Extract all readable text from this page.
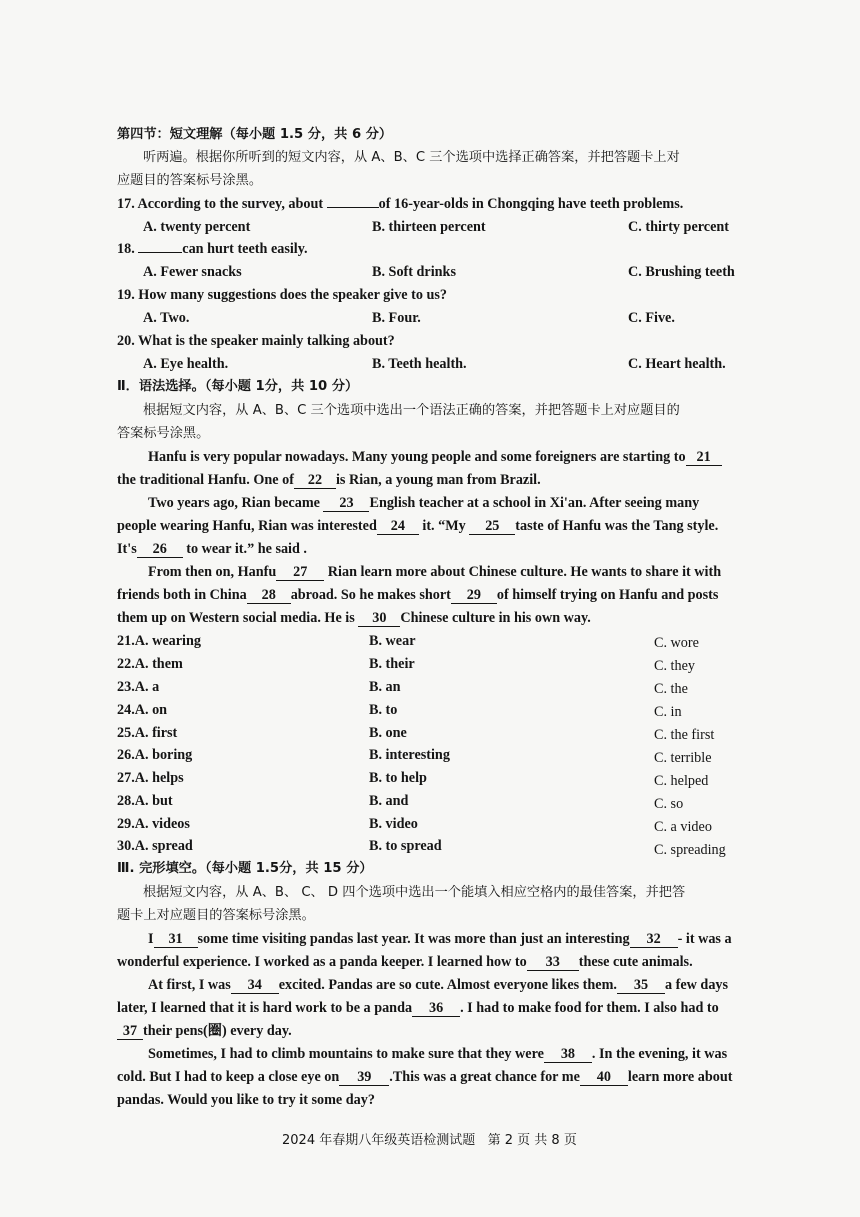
第四节：短文理解（每小题 1.5 分，共 6 分）
听两遍。根据你所听到的短文内容，从 A、B、C 三个选项中选择正确答案，并把答题卡上对
应题目的答案标号涂黑。
17. According to the survey, about	of 16-year-olds in Chongqing have teeth problems.
A. twenty percent	B. thirteen percent	C. thirty percent
18.	can hurt teeth easily.
A. Fewer snacks	B. Soft drinks	C. Brushing teeth
19. How many suggestions does the speaker give to us?
A. Two.	B. Four.	C. Five.
20. What is the speaker mainly talking about?
A. Eye health.	B. Teeth health.	C. Heart health.
Ⅱ．语法选择。（每小题 1分，共 10 分）
根据短文内容，从 A、B、C 三个选项中选出一个语法正确的答案，并把答题卡上对应题目的
答案标号涂黑。
Hanfu is very popular nowadays. Many young people and some foreigners are starting to 21
the traditional Hanfu. One of 22 is Rian, a young man from Brazil.
Two years ago, Rian became 23 English teacher at a school in Xi'an. After seeing many
people wearing Hanfu, Rian was interested 24 it. “My 25 taste of Hanfu was the Tang style.
It's 26 to wear it.” he said .
From then on, Hanfu 27 Rian learn more about Chinese culture. He wants to share it with
friends both in China 28 abroad. So he makes short 29 of himself trying on Hanfu and posts
them up on Western social media. He is 30 Chinese culture in his own way.
21.A. wearing	B. wear	C. wore
22.A. them	B. their	C. they
23.A. a	B. an	C. the
24.A. on	B. to	C. in
25.A. first	B. one	C. the first
26.A. boring	B. interesting	C. terrible
27.A. helps	B. to help	C. helped
28.A. but	B. and	C. so
29.A. videos	B. video	C. a video
30.A. spread	B. to spread	C. spreading
Ⅲ. 完形填空。（每小题 1.5分，共 15 分）
根据短文内容，从 A、B、 C、 D 四个选项中选出一个能填入相应空格内的最佳答案，并把答
题卡上对应题目的答案标号涂黑。
I 31 some time visiting pandas last year. It was more than just an interesting 32 - it was a
wonderful experience. I worked as a panda keeper. I learned how to 33 these cute animals.
At first, I was 34 excited. Pandas are so cute. Almost everyone likes them. 35 a few days
later, I learned that it is hard work to be a panda 36 . I had to make food for them. I also had to
37 their pens(圈) every day.
Sometimes, I had to climb mountains to make sure that they were 38 . In the evening, it was
cold. But I had to keep a close eye on 39 .This was a great chance for me 40 learn more about
pandas. Would you like to try it some day?
2024 年春期八年级英语检测试题 第 2 页 共 8 页
